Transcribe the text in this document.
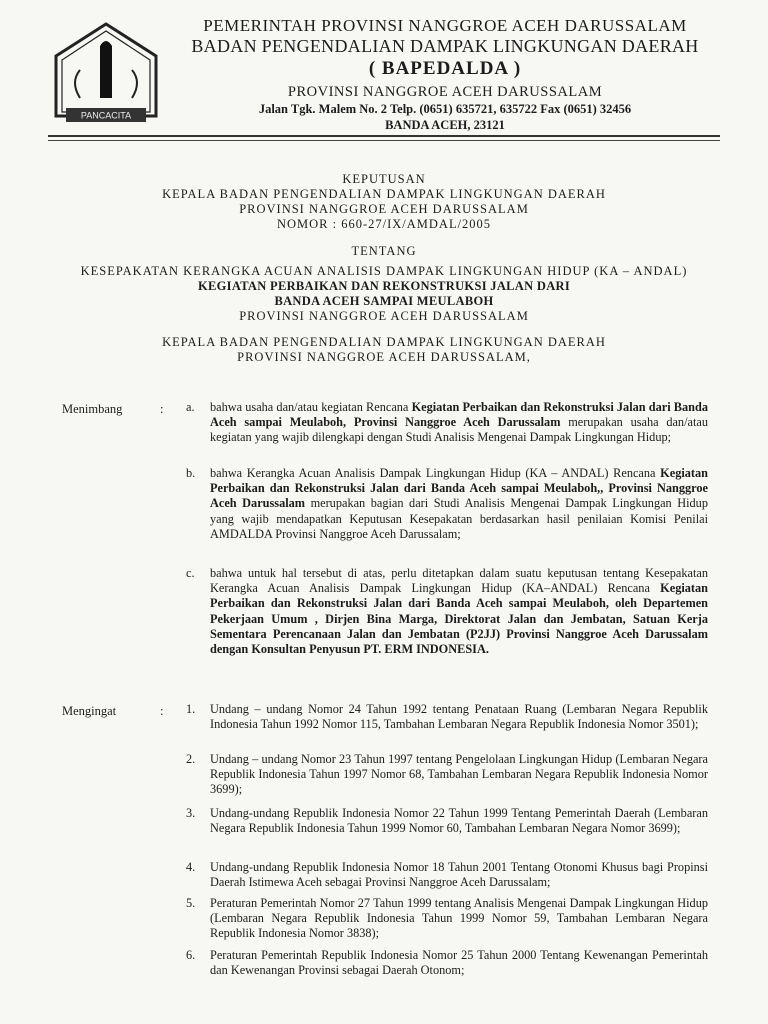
PANCACITA
PEMERINTAH PROVINSI NANGGROE ACEH DARUSSALAM
BADAN PENGENDALIAN DAMPAK LINGKUNGAN DAERAH
( BAPEDALDA )
PROVINSI NANGGROE ACEH DARUSSALAM
Jalan Tgk. Malem No. 2 Telp. (0651) 635721, 635722 Fax (0651) 32456
BANDA ACEH, 23121
KEPUTUSAN
KEPALA BADAN PENGENDALIAN DAMPAK LINGKUNGAN DAERAH
PROVINSI NANGGROE ACEH DARUSSALAM
NOMOR : 660-27/IX/AMDAL/2005
TENTANG
KESEPAKATAN KERANGKA ACUAN ANALISIS DAMPAK LINGKUNGAN HIDUP (KA – ANDAL)
KEGIATAN PERBAIKAN DAN REKONSTRUKSI JALAN DARI
BANDA ACEH SAMPAI MEULABOH
PROVINSI NANGGROE ACEH DARUSSALAM
KEPALA BADAN PENGENDALIAN DAMPAK LINGKUNGAN DAERAH
PROVINSI NANGGROE ACEH DARUSSALAM,
Menimbang	: a. bahwa usaha dan/atau kegiatan Rencana Kegiatan Perbaikan dan Rekonstruksi Jalan dari Banda Aceh sampai Meulaboh, Provinsi Nanggroe Aceh Darussalam merupakan usaha dan/atau kegiatan yang wajib dilengkapi dengan Studi Analisis Mengenai Dampak Lingkungan Hidup;
b. bahwa Kerangka Acuan Analisis Dampak Lingkungan Hidup (KA – ANDAL) Rencana Kegiatan Perbaikan dan Rekonstruksi Jalan dari Banda Aceh sampai Meulaboh,, Provinsi Nanggroe Aceh Darussalam merupakan bagian dari Studi Analisis Mengenai Dampak Lingkungan Hidup yang wajib mendapatkan Keputusan Kesepakatan berdasarkan hasil penilaian Komisi Penilai AMDALDA Provinsi Nanggroe Aceh Darussalam;
c. bahwa untuk hal tersebut di atas, perlu ditetapkan dalam suatu keputusan tentang Kesepakatan Kerangka Acuan Analisis Dampak Lingkungan Hidup (KA–ANDAL) Rencana Kegiatan Perbaikan dan Rekonstruksi Jalan dari Banda Aceh sampai Meulaboh, oleh Departemen Pekerjaan Umum , Dirjen Bina Marga, Direktorat Jalan dan Jembatan, Satuan Kerja Sementara Perencanaan Jalan dan Jembatan (P2JJ) Provinsi Nanggroe Aceh Darussalam dengan Konsultan Penyusun PT. ERM INDONESIA.
Mengingat	: 1. Undang – undang Nomor 24 Tahun 1992 tentang Penataan Ruang (Lembaran Negara Republik Indonesia Tahun 1992 Nomor 115, Tambahan Lembaran Negara Republik Indonesia Nomor 3501);
2. Undang – undang Nomor 23 Tahun 1997 tentang Pengelolaan Lingkungan Hidup (Lembaran Negara Republik Indonesia Tahun 1997 Nomor 68, Tambahan Lembaran Negara Republik Indonesia Nomor 3699);
3. Undang-undang Republik Indonesia Nomor 22 Tahun 1999 Tentang Pemerintah Daerah (Lembaran Negara Republik Indonesia Tahun 1999 Nomor 60, Tambahan Lembaran Negara Nomor 3699);
4. Undang-undang Republik Indonesia Nomor 18 Tahun 2001 Tentang Otonomi Khusus bagi Propinsi Daerah Istimewa Aceh sebagai Provinsi Nanggroe Aceh Darussalam;
5. Peraturan Pemerintah Nomor 27 Tahun 1999 tentang Analisis Mengenai Dampak Lingkungan Hidup (Lembaran Negara Republik Indonesia Tahun 1999 Nomor 59, Tambahan Lembaran Negara Republik Indonesia Nomor 3838);
6. Peraturan Pemerintah Republik Indonesia Nomor 25 Tahun 2000 Tentang Kewenangan Pemerintah dan Kewenangan Provinsi sebagai Daerah Otonom;
